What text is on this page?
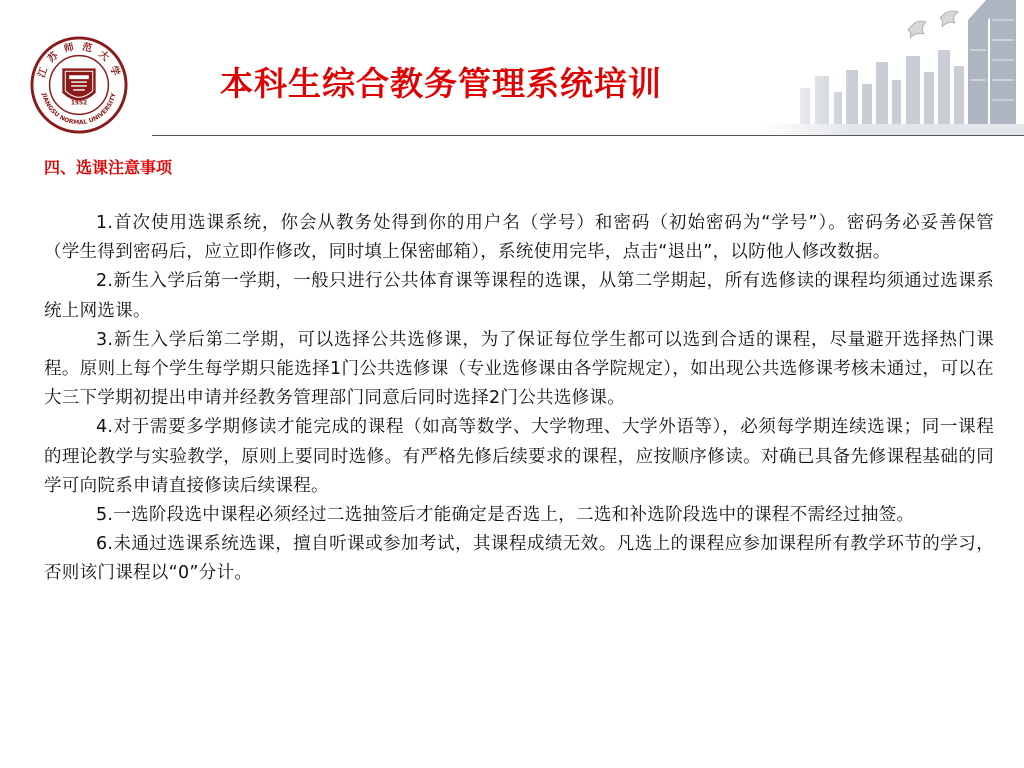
江 苏 师 范 大 学
JIANGSU NORMAL UNIVERSITY
1952
本科生综合教务管理系统培训
四、选课注意事项

1.首次使用选课系统，你会从教务处得到你的用户名（学号）和密码（初始密码为“学号”）。密码务必妥善保管（学生得到密码后，应立即作修改，同时填上保密邮箱），系统使用完毕，点击“退出”，以防他人修改数据。

2.新生入学后第一学期，一般只进行公共体育课等课程的选课，从第二学期起，所有选修读的课程均须通过选课系统上网选课。

3.新生入学后第二学期，可以选择公共选修课，为了保证每位学生都可以选到合适的课程，尽量避开选择热门课程。原则上每个学生每学期只能选择1门公共选修课（专业选修课由各学院规定），如出现公共选修课考核未通过，可以在大三下学期初提出申请并经教务管理部门同意后同时选择2门公共选修课。

4.对于需要多学期修读才能完成的课程（如高等数学、大学物理、大学外语等），必须每学期连续选课；同一课程的理论教学与实验教学，原则上要同时选修。有严格先修后续要求的课程，应按顺序修读。对确已具备先修课程基础的同学可向院系申请直接修读后续课程。

5.一选阶段选中课程必须经过二选抽签后才能确定是否选上，二选和补选阶段选中的课程不需经过抽签。

6.未通过选课系统选课，擅自听课或参加考试，其课程成绩无效。凡选上的课程应参加课程所有教学环节的学习，否则该门课程以“0”分计。
